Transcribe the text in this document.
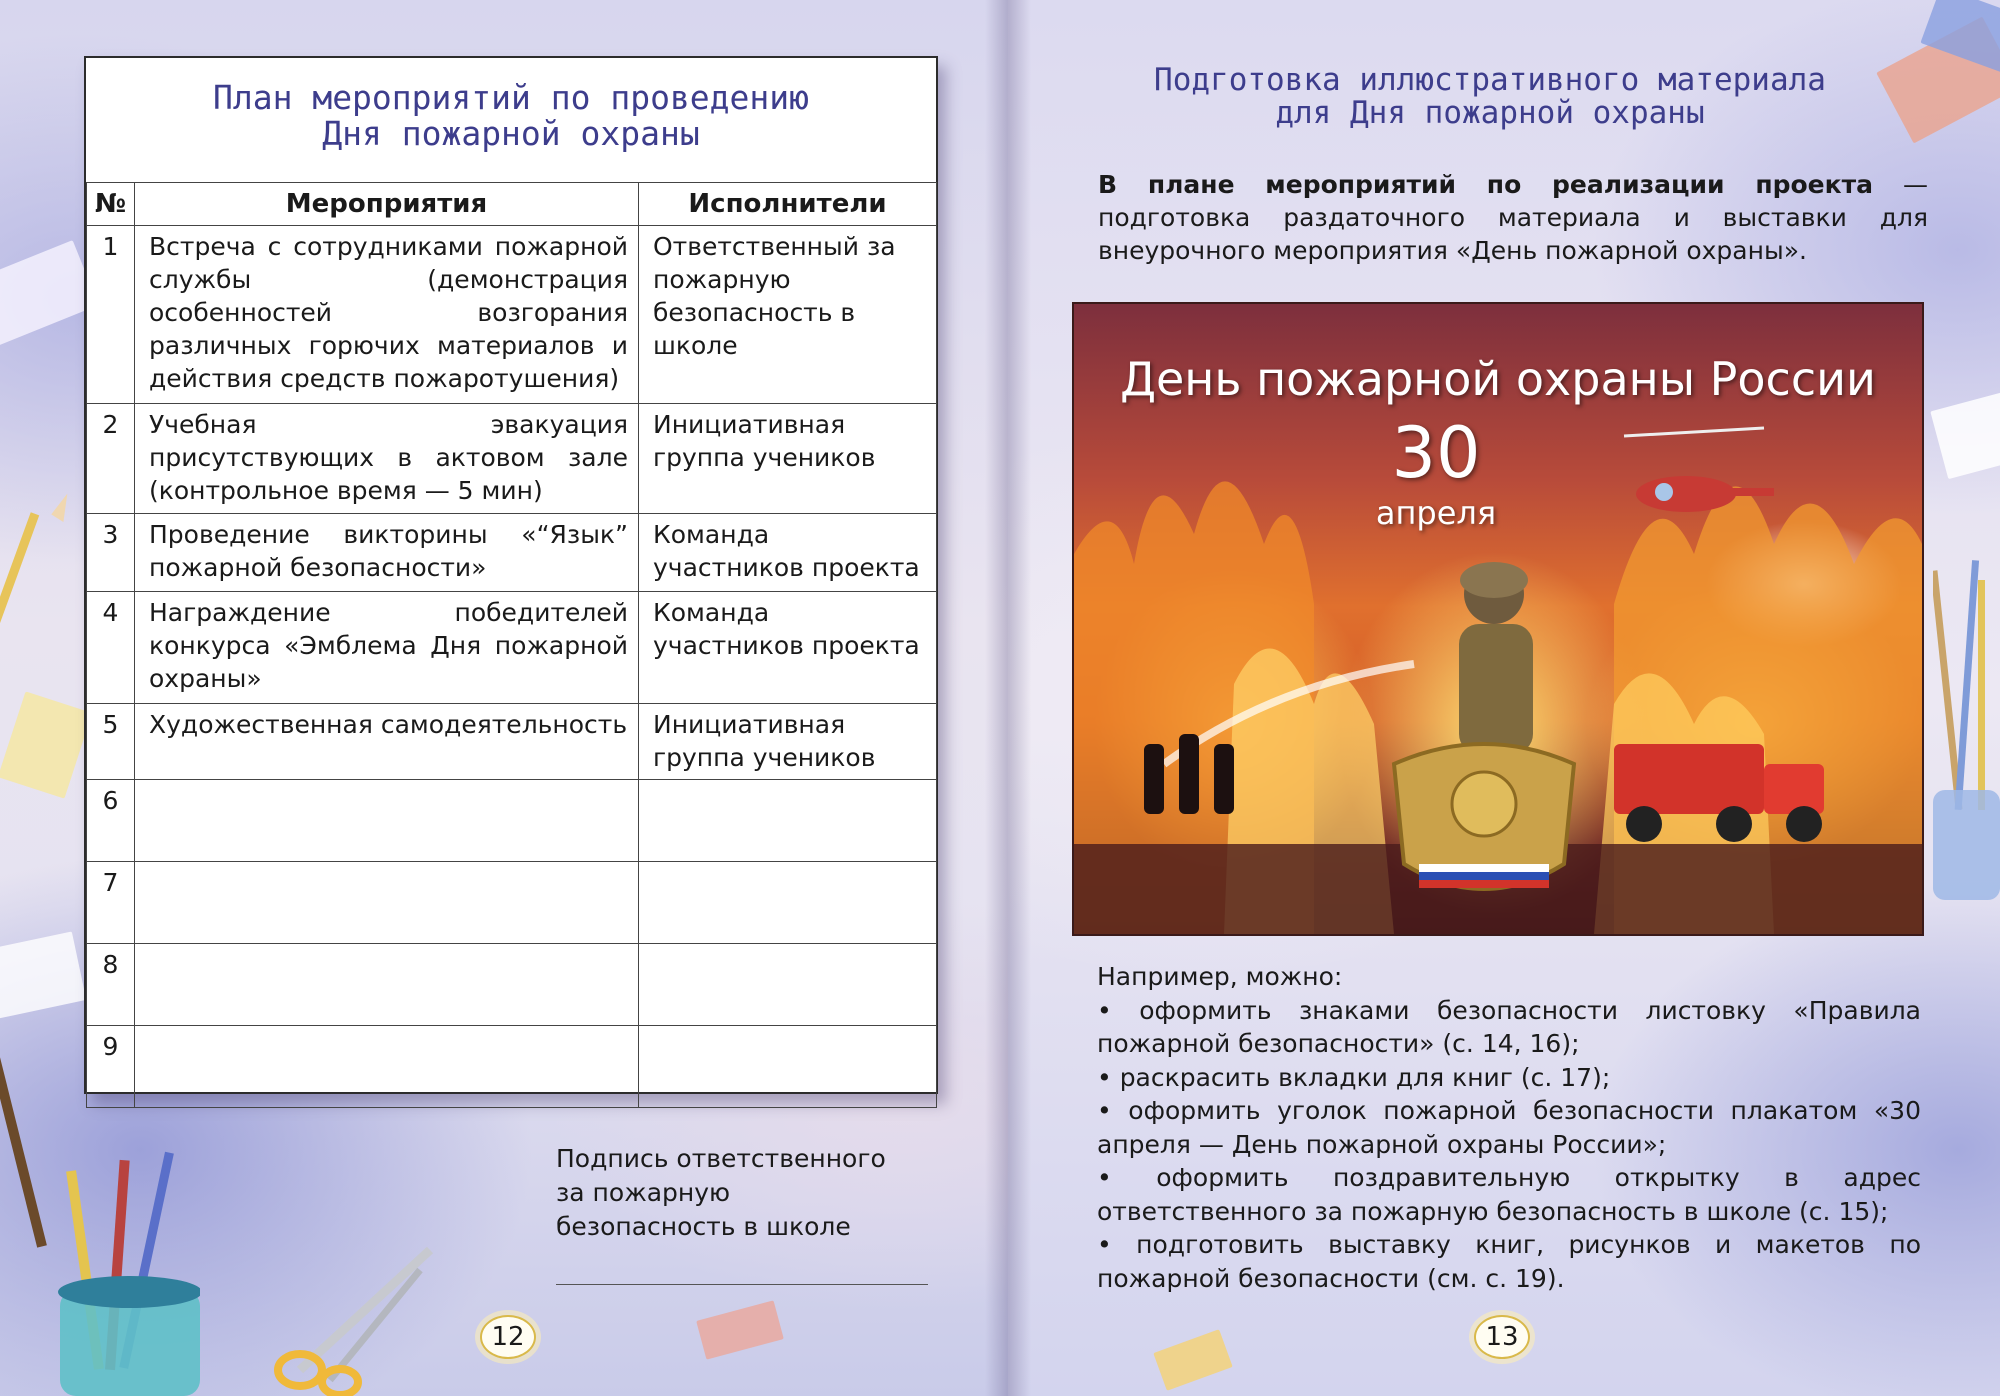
План мероприятий по проведению
Дня пожарной охраны
№	Мероприятия	Исполнители
1	Встреча с сотрудниками пожарной службы (демонстрация особенностей возгорания различных горючих материалов и действия средств пожаротушения)	Ответственный за пожарную безопасность в школе
2	Учебная эвакуация присутствующих в актовом зале (контрольное время — 5 мин)	Инициативная группа учеников
3	Проведение викторины «“Язык” пожарной безопасности»	Команда участников проекта
4	Награждение победителей конкурса «Эмблема Дня пожарной охраны»	Команда участников проекта
5	Художественная самодеятельность	Инициативная группа учеников
6		
7		
8		
9		
Подпись ответственного за пожарную безопасность в школе
12
Подготовка иллюстративного материала
для Дня пожарной охраны
В плане мероприятий по реализации проекта — подготовка раздаточного материала и выставки для внеурочного мероприятия «День пожарной охраны».
День пожарной охраны России
30
апреля

Например, можно:

• оформить знаками безопасности листовку «Правила пожарной безопасности» (с. 14, 16);

• раскрасить вкладки для книг (с. 17);

• оформить уголок пожарной безопасности плакатом «30 апреля — День пожарной охраны России»;

• оформить поздравительную открытку в адрес ответственного за пожарную безопасность в школе (с. 15);

• подготовить выставку книг, рисунков и макетов по пожарной безопасности (см. с. 19).

13
